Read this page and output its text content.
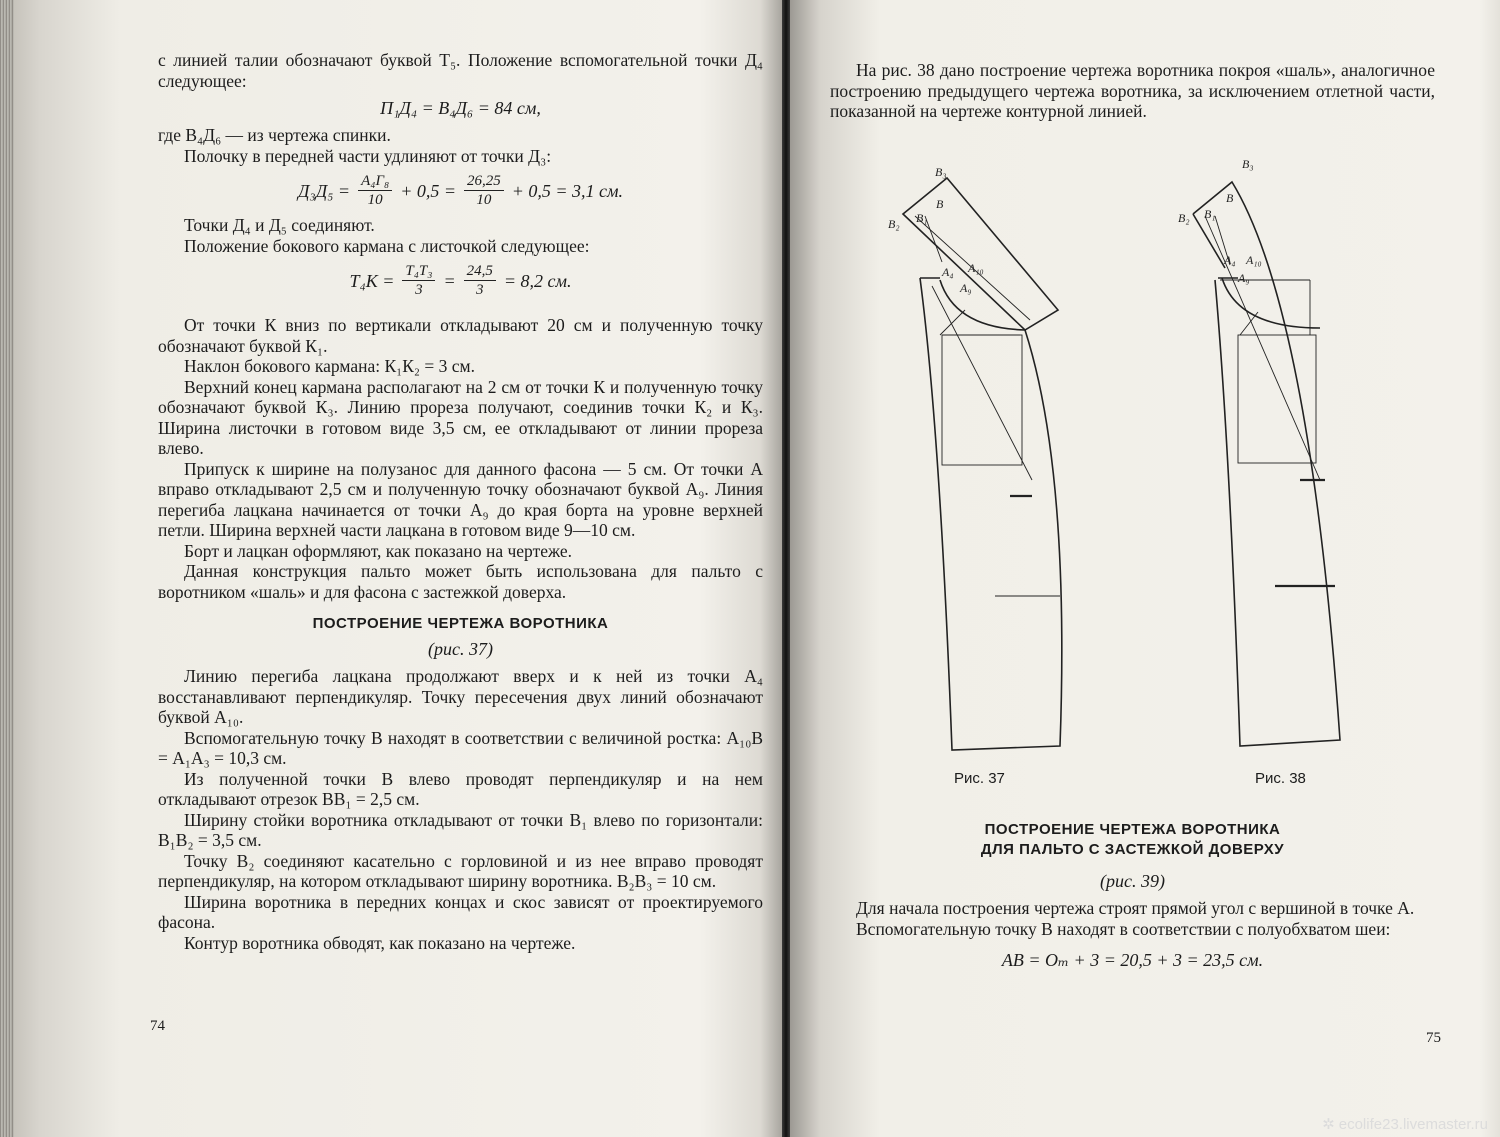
с линией талии обозначают буквой Т₅. Положение вспомогательной точки Д₄ следующее:

П₁Д₄ = В₄Д₆ = 84 см,

где В₄Д₆ — из чертежа спинки.

Полочку в передней части удлиняют от точки Д₃:

$Д_3Д_5 = \frac{\text{А₄Г₈}}{10} + 0,5 = \frac{26,25}{10} + 0,5 = 3,1$ см.

Точки Д₄ и Д₅ соединяют.

Положение бокового кармана с листочкой следующее:

$Т_4К = \frac{\text{Т₄Т₃}}{3} = \frac{24,5}{3} = 8,2$ см.

От точки К вниз по вертикали откладывают 20 см и полученную точку обозначают буквой К₁.

Наклон бокового кармана: К₁К₂ = 3 см.

Верхний конец кармана располагают на 2 см от точки К и полученную точку обозначают буквой К₃. Линию прореза получают, соединив точки К₂ и К₃. Ширина листочки в готовом виде 3,5 см, ее откладывают от линии прореза влево.

Припуск к ширине на полузанос для данного фасона — 5 см. От точки А вправо откладывают 2,5 см и полученную точку обозначают буквой А₉. Линия перегиба лацкана начинается от точки А₉ до края борта на уровне верхней петли. Ширина верхней части лацкана в готовом виде 9—10 см.

Борт и лацкан оформляют, как показано на чертеже.

Данная конструкция пальто может быть использована для пальто с воротником «шаль» и для фасона с застежкой доверха.

ПОСТРОЕНИЕ ЧЕРТЕЖА ВОРОТНИКА
(рис. 37)

Линию перегиба лацкана продолжают вверх и к ней из точки А₄ восстанавливают перпендикуляр. Точку пересечения двух линий обозначают буквой А₁₀.

Вспомогательную точку В находят в соответствии с величиной ростка: А₁₀В = А₁А₃ = 10,3 см.

Из полученной точки В влево проводят перпендикуляр и на нем откладывают отрезок ВВ₁ = 2,5 см.

Ширину стойки воротника откладывают от точки В₁ влево по горизонтали: В₁В₂ = 3,5 см.

Точку В₂ соединяют касательно с горловиной и из нее вправо проводят перпендикуляр, на котором откладывают ширину воротника. В₂В₃ = 10 см.

Ширина воротника в передних концах и скос зависят от проектируемого фасона.

Контур воротника обводят, как показано на чертеже.

74

На рис. 38 дано построение чертежа воротника покроя «шаль», аналогичное построению предыдущего чертежа воротника, за исключением отлетной части, показанной на чертеже контурной линией.

В₃
В₂ В₁
В
А₄ А₁₀
А₉
В₃
В₂ В₁
В
А₄ А₁₀
А₉
Рис. 37	Рис. 38
ПОСТРОЕНИЕ ЧЕРТЕЖА ВОРОТНИКА
ДЛЯ ПАЛЬТО С ЗАСТЕЖКОЙ ДОВЕРХУ
(рис. 39)

Для начала построения чертежа строят прямой угол с вершиной в точке А.

Вспомогательную точку В находят в соответствии с полуобхватом шеи:

АВ = Оₘ + 3 = 20,5 + 3 = 23,5 см.
75
✲ ecolife23.livemaster.ru
